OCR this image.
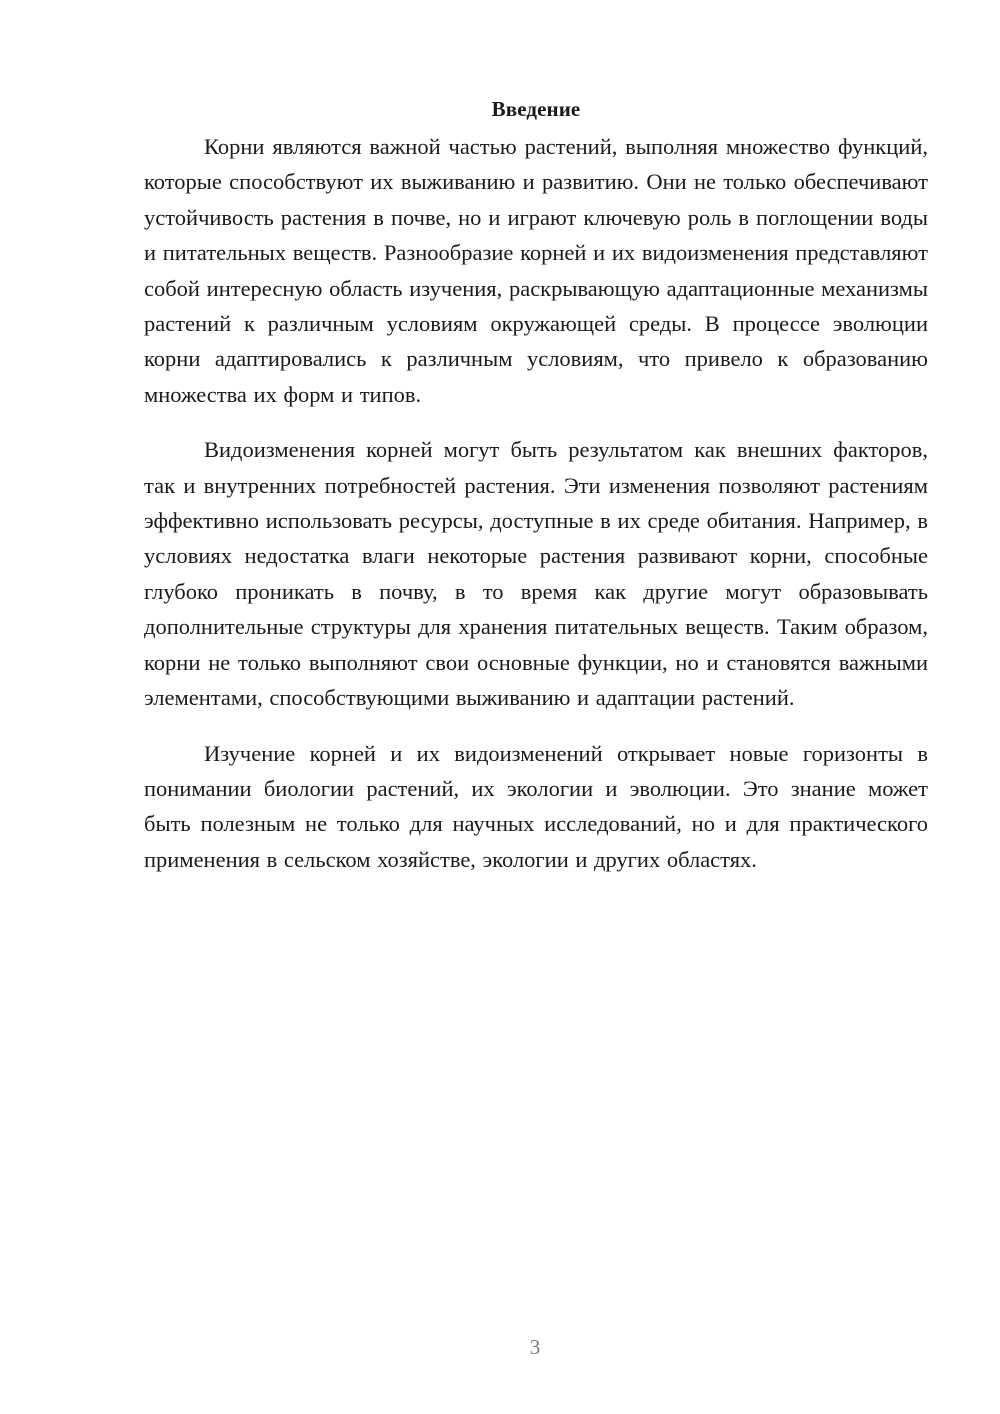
Введение

Корни являются важной частью растений, выполняя множество функций, которые способствуют их выживанию и развитию. Они не только обеспечивают устойчивость растения в почве, но и играют ключевую роль в поглощении воды и питательных веществ. Разнообразие корней и их видоизменения представляют собой интересную область изучения, раскрывающую адаптационные механизмы растений к различным условиям окружающей среды. В процессе эволюции корни адаптировались к различным условиям, что привело к образованию множества их форм и типов.

Видоизменения корней могут быть результатом как внешних факторов, так и внутренних потребностей растения. Эти изменения позволяют растениям эффективно использовать ресурсы, доступные в их среде обитания. Например, в условиях недостатка влаги некоторые растения развивают корни, способные глубоко проникать в почву, в то время как другие могут образовывать дополнительные структуры для хранения питательных веществ. Таким образом, корни не только выполняют свои основные функции, но и становятся важными элементами, способствующими выживанию и адаптации растений.

Изучение корней и их видоизменений открывает новые горизонты в понимании биологии растений, их экологии и эволюции. Это знание может быть полезным не только для научных исследований, но и для практического применения в сельском хозяйстве, экологии и других областях.

3
